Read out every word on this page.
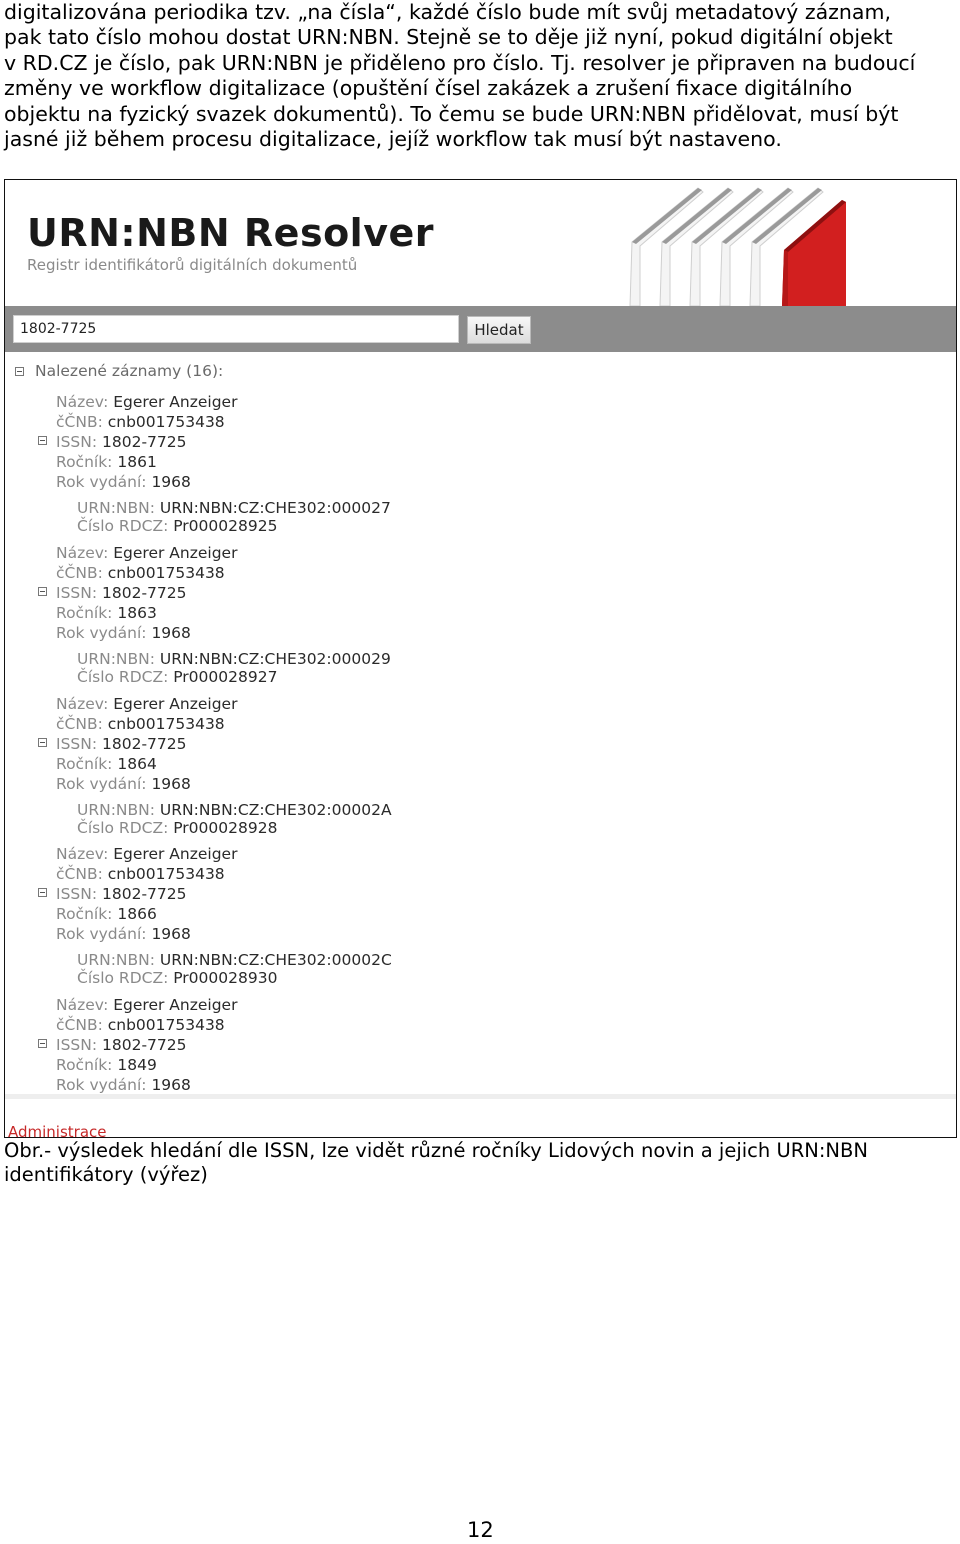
digitalizována periodika tzv. „na čísla“, každé číslo bude mít svůj metadatový záznam,
pak tato číslo mohou dostat URN:NBN. Stejně se to děje již nyní, pokud digitální objekt
v RD.CZ je číslo, pak URN:NBN je přiděleno pro číslo. Tj. resolver je připraven na budoucí
změny ve workflow digitalizace (opuštění čísel zakázek a zrušení fixace digitálního
objektu na fyzický svazek dokumentů). To čemu se bude URN:NBN přidělovat, musí být
jasné již během procesu digitalizace, jejíž workflow tak musí být nastaveno.

URN:NBN Resolver
Registr identifikátorů digitálních dokumentů
1802-7725
Hledat
Nalezené záznamy (16):
Název: Egerer Anzeiger
čČNB: cnb001753438
ISSN: 1802-7725
Ročník: 1861
Rok vydání: 1968
URN:NBN: URN:NBN:CZ:CHE302:000027
Číslo RDCZ: Pr000028925
Název: Egerer Anzeiger
čČNB: cnb001753438
ISSN: 1802-7725
Ročník: 1863
Rok vydání: 1968
URN:NBN: URN:NBN:CZ:CHE302:000029
Číslo RDCZ: Pr000028927
Název: Egerer Anzeiger
čČNB: cnb001753438
ISSN: 1802-7725
Ročník: 1864
Rok vydání: 1968
URN:NBN: URN:NBN:CZ:CHE302:00002A
Číslo RDCZ: Pr000028928
Název: Egerer Anzeiger
čČNB: cnb001753438
ISSN: 1802-7725
Ročník: 1866
Rok vydání: 1968
URN:NBN: URN:NBN:CZ:CHE302:00002C
Číslo RDCZ: Pr000028930
Název: Egerer Anzeiger
čČNB: cnb001753438
ISSN: 1802-7725
Ročník: 1849
Rok vydání: 1968
Administrace

Obr.- výsledek hledání dle ISSN, lze vidět různé ročníky Lidových novin a jejich URN:NBN
identifikátory (výřez)

12
